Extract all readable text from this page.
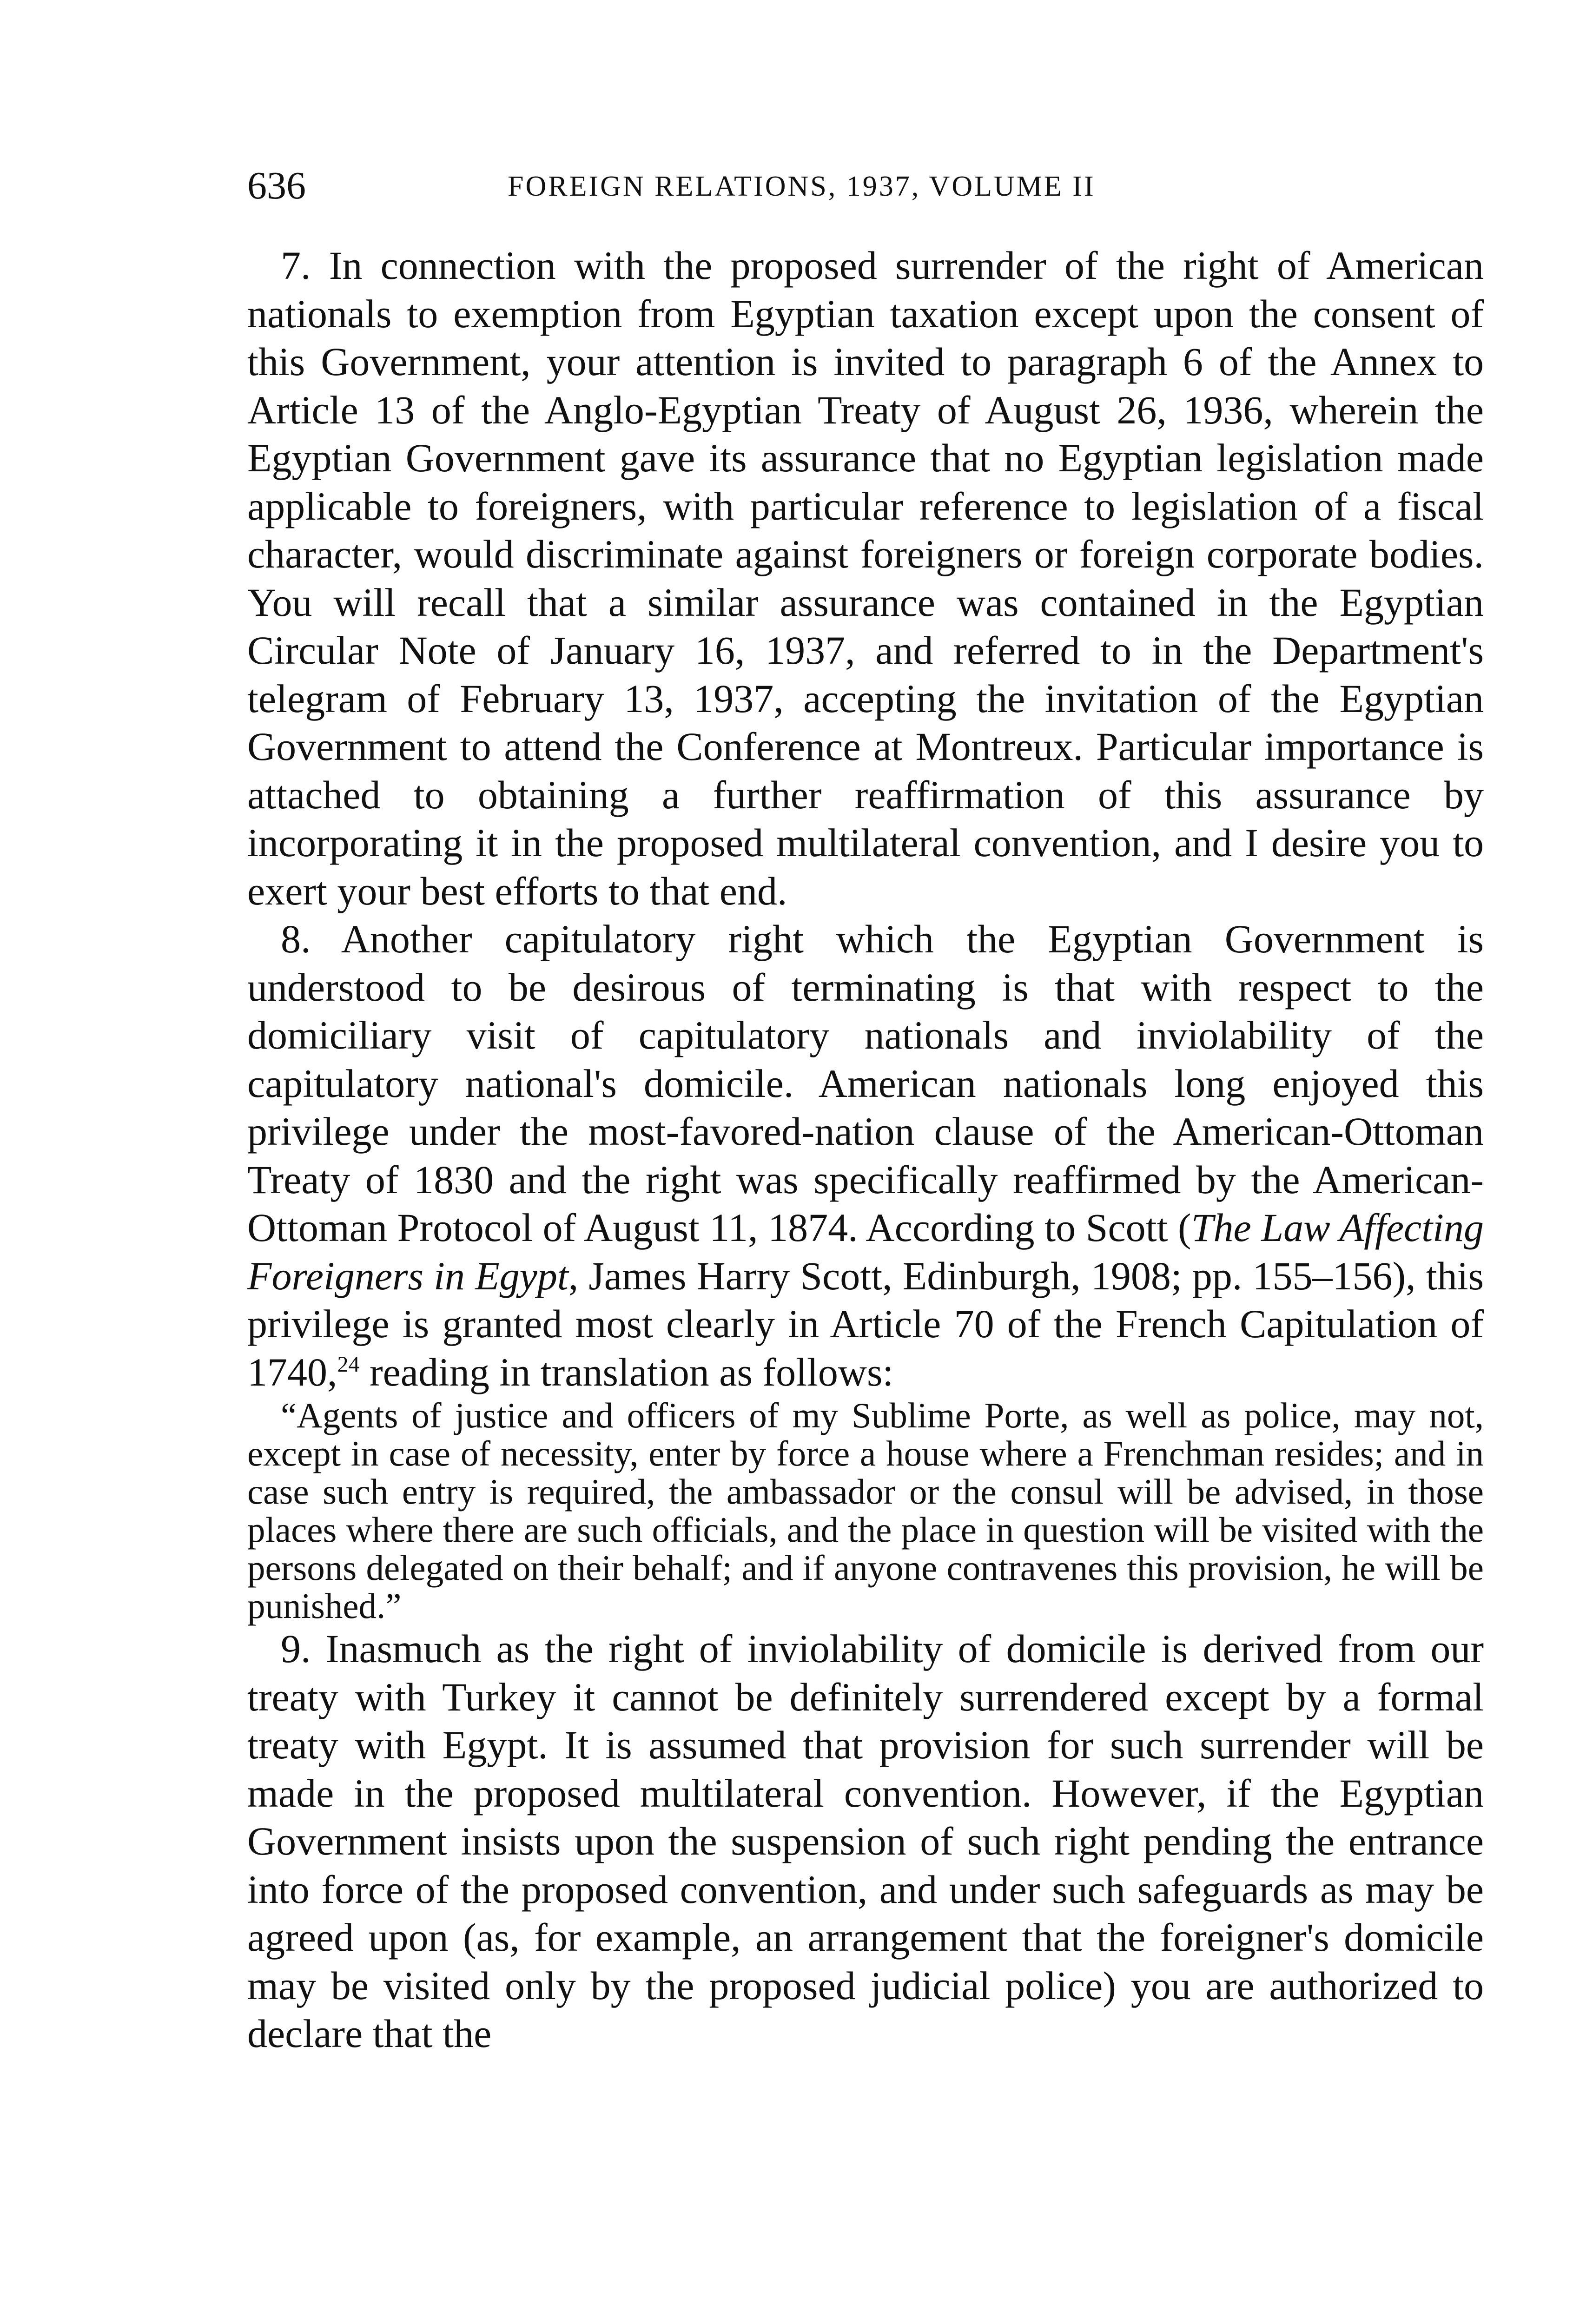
636	FOREIGN RELATIONS, 1937, VOLUME II

7. In connection with the proposed surrender of the right of American nationals to exemption from Egyptian taxation except upon the consent of this Government, your attention is invited to paragraph 6 of the Annex to Article 13 of the Anglo-Egyptian Treaty of August 26, 1936, wherein the Egyptian Government gave its assurance that no Egyptian legislation made applicable to foreigners, with particular reference to legislation of a fiscal character, would discriminate against foreigners or foreign corporate bodies. You will recall that a similar assurance was contained in the Egyptian Circular Note of January 16, 1937, and referred to in the Department's telegram of February 13, 1937, accepting the invitation of the Egyptian Government to attend the Conference at Montreux. Particular importance is attached to obtaining a further reaffirmation of this assurance by incorporating it in the proposed multilateral convention, and I desire you to exert your best efforts to that end.

8. Another capitulatory right which the Egyptian Government is understood to be desirous of terminating is that with respect to the domiciliary visit of capitulatory nationals and inviolability of the capitulatory national's domicile. American nationals long enjoyed this privilege under the most-favored-nation clause of the American-Ottoman Treaty of 1830 and the right was specifically reaffirmed by the American-Ottoman Protocol of August 11, 1874. According to Scott (The Law Affecting Foreigners in Egypt, James Harry Scott, Edinburgh, 1908; pp. 155–156), this privilege is granted most clearly in Article 70 of the French Capitulation of 1740,24 reading in translation as follows:

“Agents of justice and officers of my Sublime Porte, as well as police, may not, except in case of necessity, enter by force a house where a Frenchman resides; and in case such entry is required, the ambassador or the consul will be advised, in those places where there are such officials, and the place in question will be visited with the persons delegated on their behalf; and if anyone contravenes this provision, he will be punished.”

9. Inasmuch as the right of inviolability of domicile is derived from our treaty with Turkey it cannot be definitely surrendered except by a formal treaty with Egypt. It is assumed that provision for such surrender will be made in the proposed multilateral convention. However, if the Egyptian Government insists upon the suspension of such right pending the entrance into force of the proposed convention, and under such safeguards as may be agreed upon (as, for example, an arrangement that the foreigner's domicile may be visited only by the proposed judicial police) you are authorized to declare that the
